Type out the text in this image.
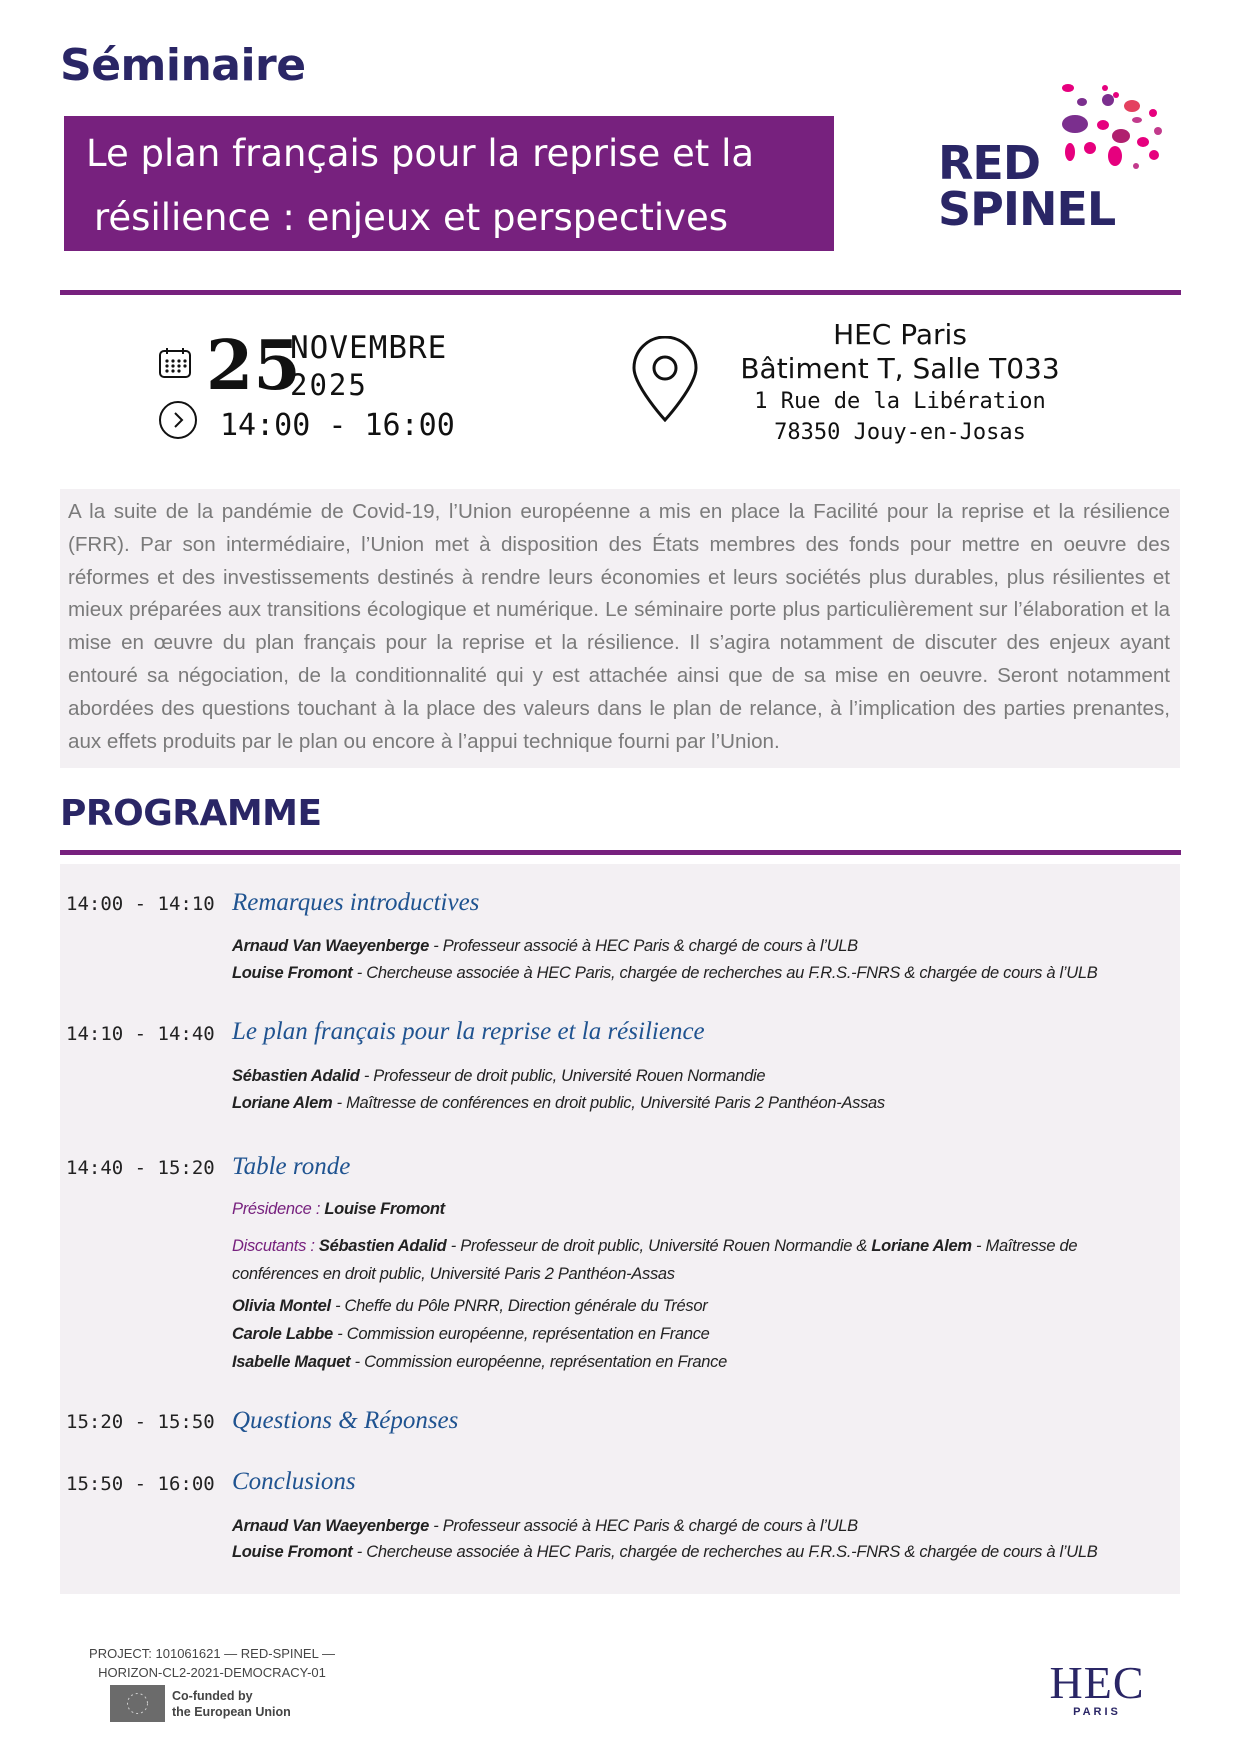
Séminaire
Le plan français pour la reprise et la
résilience : enjeux et perspectives
RED
SPINEL
25
NOVEMBRE
2025
14:00 - 16:00
HEC Paris
Bâtiment T, Salle T033
1 Rue de la Libération
78350 Jouy-en-Josas
A la suite de la pandémie de Covid-19, l’Union européenne a mis en place la Facilité pour la reprise et la résilience (FRR). Par son intermédiaire, l’Union met à disposition des États membres des fonds pour mettre en oeuvre des réformes et des investissements destinés à rendre leurs économies et leurs sociétés plus durables, plus résilientes et mieux préparées aux transitions écologique et numérique. Le séminaire porte plus particulièrement sur l’élaboration et la mise en œuvre du plan français pour la reprise et la résilience. Il s’agira notamment de discuter des enjeux ayant entouré sa négociation, de la conditionnalité qui y est attachée ainsi que de sa mise en oeuvre. Seront notamment abordées des questions touchant à la place des valeurs dans le plan de relance, à l’implication des parties prenantes, aux effets produits par le plan ou encore à l’appui technique fourni par l’Union.
PROGRAMME
14:00 - 14:10 Remarques introductives
Arnaud Van Waeyenberge - Professeur associé à HEC Paris & chargé de cours à l’ULB
Louise Fromont - Chercheuse associée à HEC Paris, chargée de recherches au F.R.S.-FNRS & chargée de cours à l’ULB
14:10 - 14:40 Le plan français pour la reprise et la résilience
Sébastien Adalid - Professeur de droit public, Université Rouen Normandie
Loriane Alem - Maîtresse de conférences en droit public, Université Paris 2 Panthéon-Assas
14:40 - 15:20 Table ronde
Présidence : Louise Fromont
Discutants : Sébastien Adalid - Professeur de droit public, Université Rouen Normandie & Loriane Alem - Maîtresse de conférences en droit public, Université Paris 2 Panthéon-Assas
Olivia Montel - Cheffe du Pôle PNRR, Direction générale du Trésor
Carole Labbe - Commission européenne, représentation en France
Isabelle Maquet - Commission européenne, représentation en France
15:20 - 15:50 Questions & Réponses
15:50 - 16:00 Conclusions
Arnaud Van Waeyenberge - Professeur associé à HEC Paris & chargé de cours à l’ULB
Louise Fromont - Chercheuse associée à HEC Paris, chargée de recherches au F.R.S.-FNRS & chargée de cours à l’ULB
PROJECT: 101061621 — RED-SPINEL —
HORIZON-CL2-2021-DEMOCRACY-01
Co-funded by
the European Union
HEC
PARIS
